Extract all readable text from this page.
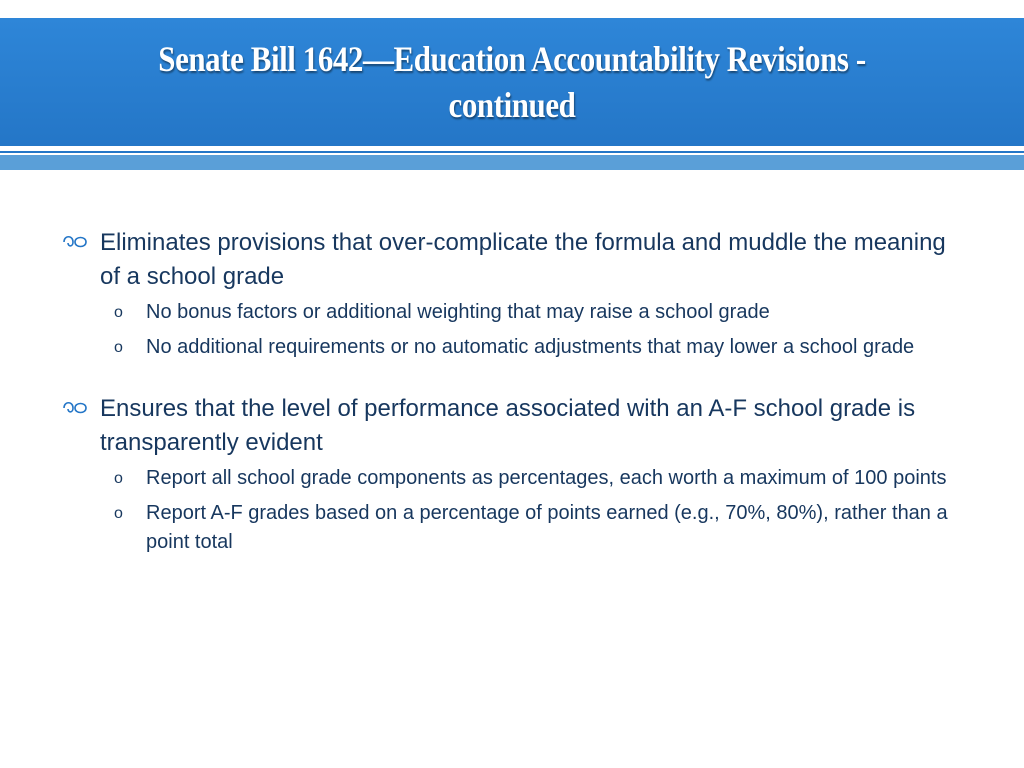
Senate Bill 1642—Education Accountability Revisions - continued
Eliminates provisions that over-complicate the formula and muddle the meaning of a school grade
o No bonus factors or additional weighting that may raise a school grade
o No additional requirements or no automatic adjustments that may lower a school grade
Ensures that the level of performance associated with an A-F school grade is transparently evident
o Report all school grade components as percentages, each worth a maximum of 100 points
o Report A-F grades based on a percentage of points earned (e.g., 70%, 80%), rather than a point total
